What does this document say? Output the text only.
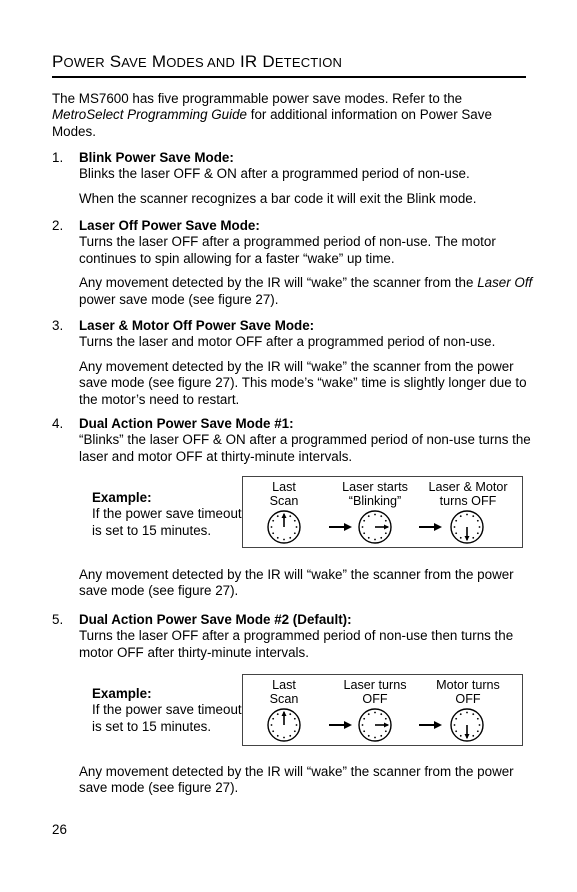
POWER SAVE MODES AND IR DETECTION
The MS7600 has five programmable power save modes. Refer to the
MetroSelect Programming Guide for additional information on Power Save
Modes.
1. Blink Power Save Mode:
Blinks the laser OFF & ON after a programmed period of non-use.
When the scanner recognizes a bar code it will exit the Blink mode.
2. Laser Off Power Save Mode:
Turns the laser OFF after a programmed period of non-use. The motor
continues to spin allowing for a faster “wake” up time.
Any movement detected by the IR will “wake” the scanner from the Laser Off
power save mode (see figure 27).
3. Laser & Motor Off Power Save Mode:
Turns the laser and motor OFF after a programmed period of non-use.
Any movement detected by the IR will “wake” the scanner from the power
save mode (see figure 27). This mode’s “wake” time is slightly longer due to
the motor’s need to restart.
4. Dual Action Power Save Mode #1:
“Blinks” the laser OFF & ON after a programmed period of non-use turns the
laser and motor OFF at thirty-minute intervals.
Example:
If the power save timeout
is set to 15 minutes.
Last
Scan
Laser starts
“Blinking”
Laser & Motor
turns OFF
Any movement detected by the IR will “wake” the scanner from the power
save mode (see figure 27).
5. Dual Action Power Save Mode #2 (Default):
Turns the laser OFF after a programmed period of non-use then turns the
motor OFF after thirty-minute intervals.
Example:
If the power save timeout
is set to 15 minutes.
Last
Scan
Laser turns
OFF
Motor turns
OFF
Any movement detected by the IR will “wake” the scanner from the power
save mode (see figure 27).
26
